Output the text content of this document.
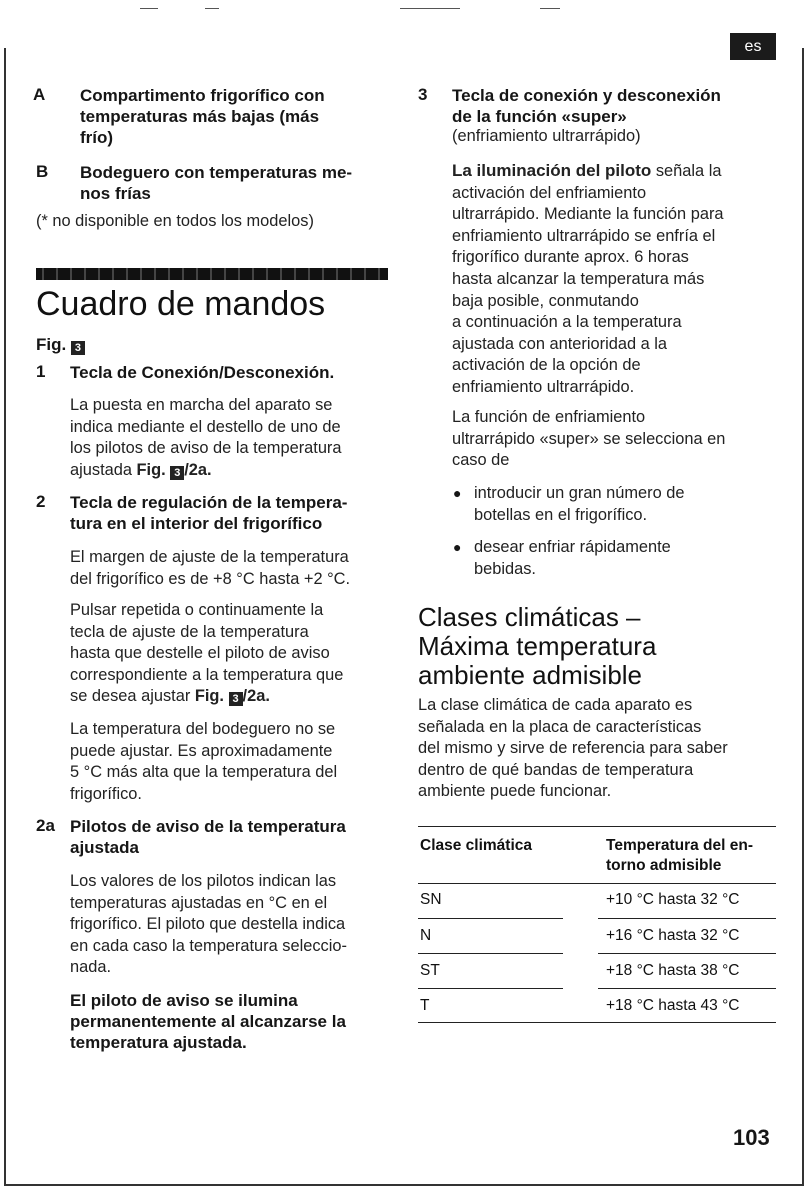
es
A Compartimento frigorífico con
temperaturas más bajas (más
frío)
B Bodeguero con temperaturas me-
nos frías
(* no disponible en todos los modelos)
Cuadro de mandos
Fig. 3
1 Tecla de Conexión/Desconexión.
La puesta en marcha del aparato se
indica mediante el destello de uno de
los pilotos de aviso de la temperatura
ajustada Fig. 3 /2a.
2 Tecla de regulación de la tempera-
tura en el interior del frigorífico
El margen de ajuste de la temperatura
del frigorífico es de +8 °C hasta +2 °C.
Pulsar repetida o continuamente la
tecla de ajuste de la temperatura
hasta que destelle el piloto de aviso
correspondiente a la temperatura que
se desea ajustar Fig. 3 /2a.
La temperatura del bodeguero no se
puede ajustar. Es aproximadamente
5 °C más alta que la temperatura del
frigorífico.
2a Pilotos de aviso de la temperatura
ajustada
Los valores de los pilotos indican las
temperaturas ajustadas en °C en el
frigorífico. El piloto que destella indica
en cada caso la temperatura seleccio-
nada.
El piloto de aviso se ilumina
permanentemente al alcanzarse la
temperatura ajustada.
3 Tecla de conexión y desconexión
de la función «super»
(enfriamiento ultrarrápido)
La iluminación del piloto señala la
activación del enfriamiento
ultrarrápido. Mediante la función para
enfriamiento ultrarrápido se enfría el
frigorífico durante aprox. 6 horas
hasta alcanzar la temperatura más
baja posible, conmutando
a continuación a la temperatura
ajustada con anterioridad a la
activación de la opción de
enfriamiento ultrarrápido.
La función de enfriamiento
ultrarrápido «super» se selecciona en
caso de
● introducir un gran número de
botellas en el frigorífico.
● desear enfriar rápidamente
bebidas.
Clases climáticas –
Máxima temperatura
ambiente admisible
La clase climática de cada aparato es
señalada en la placa de características
del mismo y sirve de referencia para saber
dentro de qué bandas de temperatura
ambiente puede funcionar.
Clase climática	Temperatura del en-
torno admisible
SN	+10 °C hasta 32 °C
N	+16 °C hasta 32 °C
ST	+18 °C hasta 38 °C
T	+18 °C hasta 43 °C
103
